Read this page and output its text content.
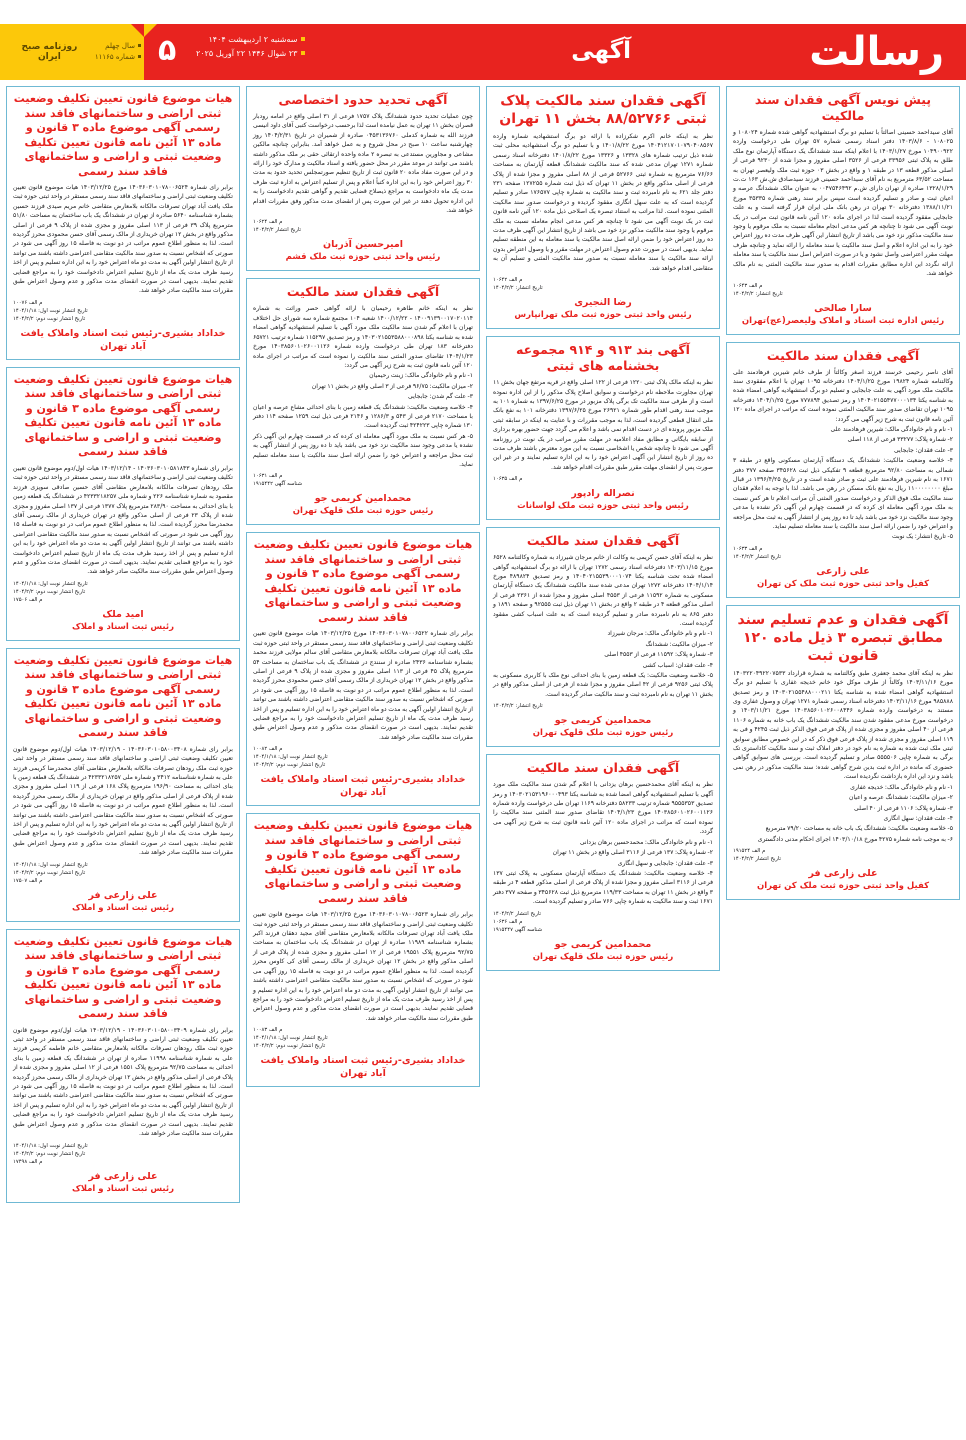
۵	سه‌شنبه ۲ اردیبهشت ۱۴۰۴
۲۳ شوال ۱۴۴۶ ۲۲ آوریل ۲۰۲۵	آگهی	رسالت
سال چهلم
شماره ۱۱۱۶۵
روزنامه صبح ایران
پیش نویس آگهی فقدان سند مالکیت

آقای سیداحمد حسینی اصالتاً با تسلیم دو برگ استشهادیه گواهی شده شماره ۱۰۸۰۲۴ و ۱۰۸۰۲۵ - ۱۴۰۳/۸/۶ دفتر اسناد رسمی شماره ۵۷ تهران طی درخواست وارده ۱۰۴۹۰۰۹۲۲ مورخ ۱۴۰۳/۱/۲۷ با اعلام اینکه سند ششدانگ یک دستگاه آپارتمان نوع ملک طلق به پلاک ثبتی ۳۳۹۵۶ فرعی از ۳۵۲۶ اصلی مفروز و مجزا شده از ۹۲۳۰ فرعی از اصلی مذکور قطعه ۱۳ در طبقه ۱ و واقع در بخش ۰۳ حوزه ثبت ملک ولیعصر تهران به مساحت ۶۳/۵۲ مترمربع به نام آقای سیداحمد حسینی فرزند سیدصادق ش.ش ۱۶۳ ت.ت ۱۳۲۸/۱/۲۹ صادره از تهران دارای ش.م ۰۰۴۷۵۴۶۴۹۲ به عنوان مالک ششدانگ عرصه و اعیان ثبت و صادر و تسلیم گردیده است سپس برابر سند رهنی شماره ۳۵۳۳۵ مورخ ۱۳۸۸/۱۱/۲۱ دفترخانه ۳۰ تهران در رهن بانک ملی ایران قرار گرفته است و به علت جابجایی مفقود گردیده است لذا در اجرای ماده ۱۲۰ آئین نامه قانون ثبت مراتب در یک نوبت آگهی می شود تا چنانچه هر کس مدعی انجام معامله نسبت به ملک مرقوم یا وجود سند مالکیت مذکور نزد خود می باشد از تاریخ انتشار این آگهی ظرف مدت ده روز اعتراض خود را به این اداره اعلام و اصل سند مالکیت یا سند معامله را ارائه نماید و چنانچه ظرف مهلت مقرر اعتراضی واصل نشود و یا در صورت اعتراض اصل سند مالکیت یا سند معامله ارائه نگردد این اداره مطابق مقررات اقدام به صدور سند مالکیت المثنی به نام مالک خواهد شد.

م الف ۱۰۶۴۳
تاریخ انتشار: ۱۴۰۴/۲/۲
سارا صالحی
رئیس اداره ثبت اسناد و املاک ولیعصر(عج)تهران
آگهی فقدان سند مالکیت

آقای ناصر رحیمی خرسند فرزند اصغر وکالتاً از طرف خانم شیرین فرهادمند علی وکالتنامه شماره ۱۹۸۲۴ مورخ ۱۴۰۴/۱/۲۵ دفترخانه ۱۰۹۵ تهران با اعلام مفقودی سند مالکیت ملک مورد آگهی به علت جابجایی و تسلیم دو برگ استشهادیه گواهی امضاء شده به شناسه یکتا ۱۴۰۴۰۲۱۵۵۴۷۷۰۰۰۱۳۴ و رمز تصدیق ۷۷۷۸۹۴ مورخ ۱۴۰۴/۱/۲۵ دفترخانه ۱۰۹۵ تهران تقاضای صدور سند مالکیت المثنی نموده است که مراتب در اجرای ماده ۱۲۰ آئین نامه قانون ثبت به شرح زیر آگهی می گردد:

۱- نام و نام خانوادگی مالک: شیرین فرهادمند علی

۲- شماره پلاک: ۳۳۲۷۷ فرعی از ۱۱۸ اصلی

۳- علت فقدان: جابجایی

۴- خلاصه وضعیت مالکیت: ششدانگ یک دستگاه آپارتمان مسکونی واقع در طبقه ۳ شمالی به مساحت ۹۲/۸۰ مترمربع قطعه ۹ تفکیکی ذیل ثبت ۳۴۵۶۲۸ صفحه ۳۷۷ دفتر ۱۶۷۱ به نام شیرین فرهادمند علی ثبت و صادر شده است و در تاریخ ۱۳۹۶/۴/۲۵ در قبال مبلغ ۱۱۰۰۰۰۰۰۰۰ ریال به نفع بانک مسکن در رهن می باشد. لذا با توجه به اعلام فقدان سند مالکیت ملک فوق الذکر و درخواست صدور المثنی آن مراتب اعلام تا هر کس نسبت به ملک مورد آگهی معامله ای کرده که در قسمت چهارم این آگهی ذکر نشده یا مدعی وجود سند مالکیت نزد خود می باشد باید تا ده روز پس از انتشار آگهی به ثبت محل مراجعه و اعتراض خود را ضمن ارائه اصل سند مالکیت یا سند معامله تسلیم نماید.

۵- تاریخ انتشار: یک نوبت

م الف ۱۰۶۳۳
تاریخ انتشار ۱۴۰۴/۲/۲
علی زارعی
کفیل واحد ثبتی حوزه ثبت ملک کن تهران
آگهی فقدان و عدم تسلیم سند مطابق تبصره ۳ ذیل ماده ۱۲۰ قانون ثبت

نظر به اینکه آقای محمد جعفری طبق وکالتنامه به شماره قرارداد ۱۴۰۳۲۲۰۴۹۲۲۰۷۵۳۳ مورخ ۱۴۰۳/۱۱/۱۶ وکالتاً از طرف موکل خود خانم خدیجه غفاری با تسلیم دو برگ استشهادیه گواهی امضاء شده به شناسه یکتا ۱۴۰۳۰۲۱۵۵۴۸۸۰۰۰۲۱۱ و رمز تصدیق ۹۸۵۸۸۸ مورخ ۱۴۰۳/۱۱/۱۶ دفترخانه اسناد رسمی شماره ۱۲۷۱ تهران و وصول غفاری وی مستند به درخواست وارده شماره ۱۴۰۳۸۵۶۰۱۰۲۶۰۰۸۴۴۶ مورخ ۱۴۰۳/۱۱/۲۱ و درخواست مورخ مدعی مفقود شدن سند مالکیت ششدانگ یک باب خانه به شماره ۱۱۰۶ فرعی از ۴۰ اصلی مفروز و مجزی شده از پلاک فرعی فوق الذکر ذیل ثبت ۴۲۴۵ و فی به ۱۱۹ اصلی مفروز و مجزی شده از پلاک فرعی فوق ذکر که در این خصوص مطابق سوابق ثبتی ملک ثبت شده به شماره به نام خود در دفتر املاک ثبت و سند مالکیت کاداستری تک برگی به شماره چاپی ۵۵۵۵۰۶ صادر و تسلیم گردیده است. بررسی های سوابق گواهی حضوری که مانده در اداره ثبت بدین شرح گواهی شده: سند مالکیت مذکور در رهن نمی باشد و نزد این اداره بازداشت نگردیده است.

۱- نام و نام خانوادگی مالک: خدیجه غفاری

۲- میزان مالکیت: ششدانگ عرصه و اعیان

۳- شماره پلاک: ۱۱۰۶ فرعی از ۴۰ اصلی

۴- علت فقدان: سهل انگاری

۵- خلاصه وضعیت مالکیت: ششدانگ یک باب خانه به مساحت ۷۹/۲۰ مترمربع

۶- به موجب نامه شماره ۴۲۷۵ مورخ ۱۴۰۳/۱۰/۱۸ اجرای احکام مدنی دادگستری

م الف ۱۹۱۵۲۴
تاریخ انتشار ۱۴۰۴/۲/۲
علی زارعی فر
کفیل واحد ثبتی حوزه ثبت ملک کن تهران
آگهی فقدان سند مالکیت پلاک ثبتی ۸۸/۵۲۷۶۶ بخش ۱۱ تهران

نظر به اینکه خانم اکرم شکرزاده با ارائه دو برگ استشهادیه شماره وارده ۱۴۰۴۱۲۱۷۰۱۰۷۹۰۴۰۸۵۶۷ مورخ ۱۴۰۱/۸/۲۲ و با تسلیم دو برگ استشهادیه محلی ثبت شده ذیل ترتیب شماره های ۱۳۳۲۸ و ۱۳۳۲۶ مورخ ۱۴۰۱/۸/۲۲ دفترخانه اسناد رسمی شماره ۱۲۷۱ تهران مدعی شده که سند مالکیت ششدانگ قطعه آپارتمان به مساحت ۷۶/۶۶ مترمربع به شماره ثبتی ۵۲۷۶۶ فرعی از ۸۸ اصلی مفروز و مجزا شده از پلاک فرعی از اصلی مذکور واقع در بخش ۱۱ تهران که ذیل ثبت شماره ۱۲۷۲۵۵ صفحه ۲۳۱ دفتر جلد ۶۲۱ به نام نامبرده ثبت و سند مالکیت به شماره چاپی ۱۷۶۵۷۷ صادر و تسلیم گردیده است که به علت سهل انگاری مفقود گردیده و درخواست صدور سند مالکیت المثنی نموده است. لذا مراتب به استناد تبصره یک اصلاحی ذیل ماده ۱۲۰ آئین نامه قانون ثبت در یک نوبت آگهی می شود تا چنانچه هر کس مدعی انجام معامله نسبت به ملک مرقوم یا وجود سند مالکیت مذکور نزد خود می باشد از تاریخ انتشار این آگهی ظرف مدت ده روز اعتراض خود را ضمن ارائه اصل سند مالکیت یا سند معامله به این منطقه تسلیم نماید. بدیهی است در صورت عدم وصول اعتراض در مهلت مقرر و یا وصول اعتراض بدون ارائه سند مالکیت یا سند معامله نسبت به صدور سند مالکیت المثنی و تسلیم آن به متقاضی اقدام خواهد شد.

م الف ۱۰۶۴۲
تاریخ انتشار: ۱۴۰۴/۲/۲
رضا النجیری
رئیس واحد ثبتی حوزه ثبت ملک تهرانپارس
آگهی بند ۹۱۳ و ۹۱۴ مجموعه بخشنامه های ثبتی

نظر به اینکه مالک پلاک ثبتی ۱۲۲۰ فرعی از ۱۲۲ اصلی واقع در قریه مرتفع جهان بخش ۱۱ تهران مجاورت ملاحظه نام درخواست و سوابق اصلاح پلاک مذکور را از این اداره نموده است و از طرفی سند مالکیت تک برگی پلاک مزبور در مورخ ۱۳۹۷/۶/۲۵ به شماره ۱۰۱ به موجب سند رهنی اقدام طور شماره ۲۶۹۲۱ مورخ ۱۳۹۷/۶/۲۵ دفترخانه ۱۰۱ به نفع بانک ملی انتقال قطعی گردیده است، لذا به موجب مقررات و با عنایت به اینکه در سابقه ثبتی ملک مزبور پرونده ای در دست اقدام نمی باشد و اعلام می گردد جهت حضور بهره برداری از سابقه بایگانی و مطابق مفاد اعلامیه در مهلت مقرر مراتب در یک نوبت در روزنامه آگهی می شود تا چنانچه شخص یا اشخاصی نسبت به این مورد معترض باشند ظرف مدت ده روز از تاریخ انتشار این آگهی اعتراض خود را به این اداره تسلیم نمایند و در غیر این صورت پس از انقضای مهلت مقرر طبق مقررات اقدام خواهد شد.

م الف ۱۰۶۳۵
نصراله رادپور
رئیس واحد ثبتی حوزه ثبت ملک لواسانات
آگهی فقدان سند مالکیت

نظر به اینکه آقای حسن کریمی به وکالت از خانم مرجان شیرزاد به شماره وکالتنامه ۶۵۲۸ مورخ ۱۴۰۳/۱۱/۱۵ دفترخانه اسناد رسمی ۱۲۷۲ تهران با ارائه دو برگ استشهادیه گواهی امضاء شده تحت شناسه یکتا ۱۴۰۴۰۲۱۵۵۳۹۰۰۰۱۰۷۴ و رمز تصدیق ۴۸۹۸۲۴ مورخ ۱۴۰۴/۱/۱۴ دفترخانه ۱۲۷۲ تهران مدعی شده سند مالکیت ششدانگ یک دستگاه آپارتمان مسکونی به شماره ۱۱۵۹۲ فرعی از ۴۵۵۳ اصلی مفروز و مجزا شده از ۲۳۶۱ فرعی از اصلی مذکور قطعه ۴ در طبقه ۲ واقع در بخش ۱۱ تهران ذیل ثبت ۹۲۵۵۵ و صفحه ۱۸۹۱ و دفتر ۸۶۵ به نام نامبرده صادر و تسلیم گردیده است که به علت اسباب کشی مفقود گردیده است.

۱- نام و نام خانوادگی مالک: مرجان شیرزاد

۲- میزان مالکیت: ششدانگ

۳- شماره پلاک: ۱۱۵۹۲ فرعی از ۴۵۵۳ اصلی

۴- علت فقدان: اسباب کشی

۵- خلاصه وضعیت مالکیت: یک قطعه زمین با بنای احداثی نوع ملک با کاربری مسکونی به پلاک ثبتی ۹۲۵۶ فرعی از ۴۲ اصلی مفروز و مجزا شده از فرعی از اصلی مذکور واقع در بخش ۱۱ تهران به نام نامبرده ثبت و سند مالکیت صادر گردیده است.

تاریخ انتشار: ۱۴۰۴/۲/۲
محمدامین کریمی جو
رئیس حوزه ثبت ملک قلهک تهران
آگهی فقدان سند مالکیت

نظر به اینکه آقای محمدحسین برهان یزدانی با اعلام گم شدن سند مالکیت ملک مورد آگهی با تسلیم استشهادیه گواهی امضا شده به شناسه یکتا ۱۴۰۳۰۲۱۵۳۱۹۶۰۰۰۴۹۳ و رمز تصدیق ۹۵۵۵۳۵۳ شماره ترتیب ۵۸۲۳۳ دفترخانه ۱۱۶۹ تهران طی درخواست وارده شماره ۱۴۰۳۸۵۶۰۱۰۲۶۰۰۱۱۲۶ مورخ ۱۴۰۴/۱/۲۳ تقاضای صدور سند المثنی سند مالکیت را نموده است که مراتب در اجرای ماده ۱۲۰ آئین نامه قانون ثبت به شرح زیر آگهی می گردد.

۱- نام و نام خانوادگی مالک: محمدحسین برهان یزدانی

۲- شماره پلاک: ۱۳۷ فرعی از ۳۱۱۶ اصلی واقع در بخش ۱۱ تهران

۳- علت فقدان: جابجایی و سهل انگاری

۴- خلاصه وضعیت مالکیت: ششدانگ یک دستگاه آپارتمان مسکونی به پلاک ثبتی ۱۳۷ فرعی از ۳۱۱۶ اصلی مفروز و مجزا شده از پلاک فرعی از اصلی مذکور قطعه ۴ در طبقه ۳ واقع در بخش ۱۱ تهران به مساحت ۱۱۹/۳۳ مترمربع ذیل ثبت ۳۴۵۶۲۸ و صفحه ۳۷۷ دفتر ۱۶۷۱ ثبت و سند مالکیت به شماره چاپی ۷۶۶ صادر و تسلیم گردیده است.

تاریخ انتشار ۱۴۰۴/۲/۲
م الف ۱۰۶۳۶
شناسه آگهی ۱۹۱۵۴۴۷
محمدامین کریمی جو
رئیس حوزه ثبت ملک قلهک تهران
آگهی تحدید حدود اختصاصی

چون عملیات تحدید حدود ششدانگ پلاک ۱۷۵۷ فرعی از ۳۱ اصلی واقع در امامه رودبار قصران بخش ۱۱ تهران به عمل نیامده است لذا برحسب درخواست کتبی آقای داود انیسی فرزند الله به شماره کدملی ۰۴۵۳۱۳۶۷۶۰ صادره از شمیران در تاریخ ۱۴۰۴/۲/۳۱ روز چهارشنبه ساعت ۱۰ صبح در محل شروع و به عمل خواهد آمد. بنابراین چنانچه مالکین مشاعی و مجاورین مستدعی به تبصره ۲ ماده واحده ارتقائی حقی بر ملک مذکور داشته باشند می توانند در موعد مقرر در محل حضور یافته و اسناد مالکیت و مدارک خود را ارائه و در این صورت مفاد ماده ۲۰ قانون ثبت از تاریخ تنظیم صورتمجلس تحدید حدود به مدت ۳۰ روز اعتراض خود را به این اداره کتباً اعلام و پس از تسلیم اعتراض به اداره ثبت ظرف مدت یک ماه دادخواست به مراجع ذیصلاح قضایی تقدیم و گواهی تقدیم دادخواست را به این اداره تحویل دهند در غیر این صورت پس از انقضای مدت مذکور وفق مقررات اقدام خواهد شد.

م الف ۱۰۶۲۴
تاریخ انتشار ۱۴۰۴/۲/۲
امیرحسین آذربان
رئیس واحد ثبتی حوزه ثبت ملک قشم
آگهی فقدان سند مالکیت

نظر به اینکه خانم طاهره رحیمیان با ارائه گواهی حصر وراثت به شماره ۱۴۰۰۹۱۳۹۰۰۱۷۰۲۰۱۱۴ - ۱۴۰۰/۱۲/۲۲ شعبه ۱۰۴ مجتمع شماره سه شورای حل اختلاف تهران با اعلام گم شدن سند مالکیت ملک مورد آگهی با تسلیم استشهادیه گواهی امضاء شده به شناسه یکتا ۱۴۰۳۰۲۱۵۵۳۵۸۸۰۰۰۸۹۸ و رمز تصدیق ۱۱۵۲۹۷ شماره ترتیب ۶۵۷۲۱ دفترخانه ۱۸۳ تهران طی درخواست وارده شماره ۱۴۰۳۸۵۶۰۱۰۲۶۰۰۱۱۲۶ مورخ ۱۴۰۴/۱/۲۳ تقاضای صدور المثنی سند مالکیت را نموده است که مراتب در اجرای ماده ۱۲۰ آئین نامه قانون ثبت به شرح زیر آگهی می گردد:

۱- نام و نام خانوادگی مالک: زینت رحیمیان

۲- میزان مالکیت: ۹۶/۷۵ فرعی از ۳ اصلی واقع در بخش ۱۱ تهران

۳- علت گم شدن: جابجایی

۴- خلاصه وضعیت مالکیت: ششدانگ یک قطعه زمین با بنای احداثی مشاع عرصه و اعیان با مساحت ۲۱۷۰ فرعی از ۵۴۳ و ۱۲۸۶/۳ و ۲۱۴۶ فرعی ذیل ثبت ۱۲۵۹ صفحه ۱۱۴ دفتر ۱۳۰ شماره چاپی ۴۲۴۲۲۳ ثبت گردیده است.

۵- هر کس نسبت به ملک مورد آگهی معامله ای کرده که در قسمت چهارم این آگهی ذکر نشده یا مدعی وجود سند مالکیت نزد خود می باشد باید تا ده روز پس از انتشار آگهی به ثبت محل مراجعه و اعتراض خود را ضمن ارائه اصل سند مالکیت یا سند معامله تسلیم نماید.

م الف ۱۰۶۳۱
شناسه آگهی ۱۹۱۵۴۴۲
محمدامین کریمی جو
رئیس حوزه ثبت ملک قلهک تهران
هیات موضوع قانون تعیین تکلیف وضعیت ثبتی اراضی و ساختمانهای فاقد سند رسمی آگهی موضوع ماده ۳ قانون و ماده ۱۳ آئین نامه قانون تعیین تکلیف وضعیت ثبتی و اراضی و ساختمانهای فاقد سند رسمی

برابر رای شماره ۱۴۰۳۶۰۳۰۱۰۷۸۰۰۶۵۲۲ مورخ ۱۴۰۳/۱۲/۲۵ هیات موضوع قانون تعیین تکلیف وضعیت ثبتی اراضی و ساختمانهای فاقد سند رسمی مستقر در واحد ثبتی حوزه ثبت ملک یافت آباد تهران تصرفات مالکانه بلامعارض متقاضی آقای سالم مولایی فرزند محمد بشماره شناسنامه ۲۴۳۶ صادره از سنندج در ششدانگ یک باب ساختمان به مساحت ۵۴ مترمربع پلاک ۴۵ فرعی از ۱۱۳ اصلی مفروز و مجزی شده از پلاک ۹ فرعی از اصلی مذکور واقع در بخش ۱۲ تهران خریداری از مالک رسمی آقای حسن محمودی محرز گردیده است. لذا به منظور اطلاع عموم مراتب در دو نوبت به فاصله ۱۵ روز آگهی می شود در صورتی که اشخاص نسبت به صدور سند مالکیت متقاضی اعتراضی داشته باشند می توانند از تاریخ انتشار اولین آگهی به مدت دو ماه اعتراض خود را به این اداره تسلیم و پس از اخذ رسید ظرف مدت یک ماه از تاریخ تسلیم اعتراض دادخواست خود را به مراجع قضایی تقدیم نمایند. بدیهی است در صورت انقضای مدت مذکور و عدم وصول اعتراض طبق مقررات سند مالکیت صادر خواهد شد.

م الف ۱۰۰۸۲
تاریخ انتشار نوبت اول: ۱۴۰۴/۱/۱۸
تاریخ انتشار نوبت دوم: ۱۴۰۴/۲/۲
خداداد بشیری-رئیس ثبت اسناد واملاک یافت آباد تهران
هیات موضوع قانون تعیین تکلیف وضعیت ثبتی اراضی و ساختمانهای فاقد سند رسمی آگهی موضوع ماده ۳ قانون و ماده ۱۳ آئین نامه قانون تعیین تکلیف وضعیت ثبتی و اراضی و ساختمانهای فاقد سند رسمی

برابر رای شماره ۱۴۰۳۶۰۳۰۱۰۷۸۰۰۶۵۲۳ مورخ ۱۴۰۳/۱۲/۲۵ هیات موضوع قانون تعیین تکلیف وضعیت ثبتی اراضی و ساختمانهای فاقد سند رسمی مستقر در واحد ثبتی حوزه ثبت ملک یافت آباد تهران تصرفات مالکانه بلامعارض متقاضی آقای مجید دهقان فرزند اکبر بشماره شناسنامه ۱۱۹۸۹ صادره از تهران در ششدانگ یک باب ساختمان به مساحت ۹۲/۷۵ مترمربع پلاک ۱۹۵۵۱ فرعی از ۱۲ اصلی مفروز و مجزی شده از پلاک فرعی از اصلی مذکور واقع در بخش ۱۲ تهران خریداری از مالک رسمی آقای کی کاوس محرز گردیده است. لذا به منظور اطلاع عموم مراتب در دو نوبت به فاصله ۱۵ روز آگهی می شود در صورتی که اشخاص نسبت به صدور سند مالکیت متقاضی اعتراضی داشته باشند می توانند از تاریخ انتشار اولین آگهی به مدت دو ماه اعتراض خود را به این اداره تسلیم و پس از اخذ رسید ظرف مدت یک ماه از تاریخ تسلیم اعتراض دادخواست خود را به مراجع قضایی تقدیم نمایند. بدیهی است در صورت انقضای مدت مذکور و عدم وصول اعتراض طبق مقررات سند مالکیت صادر خواهد شد.

م الف ۱۰۰۸۳
تاریخ انتشار نوبت اول: ۱۴۰۴/۱/۱۸
تاریخ انتشار نوبت دوم: ۱۴۰۴/۲/۲
خداداد بشیری-رئیس ثبت اسناد واملاک یافت آباد تهران
هیات موضوع قانون تعیین تکلیف وضعیت ثبتی اراضی و ساختمانهای فاقد سند رسمی آگهی موضوع ماده ۳ قانون و ماده ۱۳ آئین نامه قانون تعیین تکلیف وضعیت ثبتی و اراضی و ساختمانهای فاقد سند رسمی

برابر رای شماره ۱۴۰۳۶۰۳۰۱۰۷۸۰۰۶۵۲۴ مورخ ۱۴۰۳/۱۲/۲۵ هیات موضوع قانون تعیین تکلیف وضعیت ثبتی اراضی و ساختمانهای فاقد سند رسمی مستقر در واحد ثبتی حوزه ثبت ملک یافت آباد تهران تصرفات مالکانه بلامعارض متقاضی خانم مریم صیدی فرزند حسین بشماره شناسنامه ۵۶۴۰ صادره از تهران در ششدانگ یک باب ساختمان به مساحت ۵۱/۸۰ مترمربع پلاک ۳۹ فرعی از ۱۱۳ اصلی مفروز و مجزی شده از پلاک ۹ فرعی از اصلی مذکور واقع در بخش ۱۲ تهران خریداری از مالک رسمی آقای حسن محمودی محرز گردیده است. لذا به منظور اطلاع عموم مراتب در دو نوبت به فاصله ۱۵ روز آگهی می شود در صورتی که اشخاص نسبت به صدور سند مالکیت متقاضی اعتراضی داشته باشند می توانند از تاریخ انتشار اولین آگهی به مدت دو ماه اعتراض خود را به این اداره تسلیم و پس از اخذ رسید ظرف مدت یک ماه از تاریخ تسلیم اعتراض دادخواست خود را به مراجع قضایی تقدیم نمایند. بدیهی است در صورت انقضای مدت مذکور و عدم وصول اعتراض طبق مقررات سند مالکیت صادر خواهد شد.

م الف ۱۰۰۷۶
تاریخ انتشار نوبت اول: ۱۴۰۴/۱/۱۸
تاریخ انتشار نوبت دوم: ۱۴۰۴/۲/۲
خداداد بشیری-رئیس ثبت اسناد واملاک یافت آباد تهران
هیات موضوع قانون تعیین تکلیف وضعیت ثبتی اراضی و ساختمانهای فاقد سند رسمی آگهی موضوع ماده ۳ قانون و ماده ۱۳ آئین نامه قانون تعیین تکلیف وضعیت ثبتی و اراضی و ساختمانهای فاقد سند رسمی

برابر رای شماره ۱۴۰۳۶۰۳۰۱۰۵۸۱۸۴۳ - ۱۴۰۳/۱۲/۱۴ هیات اول/دوم موضوع قانون تعیین تکلیف وضعیت ثبتی اراضی و ساختمانهای فاقد سند رسمی مستقر در واحد ثبتی حوزه ثبت ملک رودهان تصرفات مالکانه بلامعارض متقاضی آقای حسین صادقی سویزی فرزند مقصود به شماره شناسنامه ۲۲۶ و شماره ملی ۴۲۳۳۲۱۸۲۵۷ در ششدانگ یک قطعه زمین با بنای احداثی به مساحت ۲۸۳/۹۰ مترمربع پلاک ۱۳۷۷ فرعی از ۱۳۷ اصلی مفروز و مجزی شده از پلاک ۲۳ فرعی از اصلی مذکور واقع در تهران خریداری از مالک رسمی آقای محمدرضا محرز گردیده است. لذا به منظور اطلاع عموم مراتب در دو نوبت به فاصله ۱۵ روز آگهی می شود در صورتی که اشخاص نسبت به صدور سند مالکیت متقاضی اعتراضی داشته باشند می توانند از تاریخ انتشار اولین آگهی به مدت دو ماه اعتراض خود را به این اداره تسلیم و پس از اخذ رسید ظرف مدت یک ماه از تاریخ تسلیم اعتراض دادخواست خود را به مراجع قضایی تقدیم نمایند. بدیهی است در صورت انقضای مدت مذکور و عدم وصول اعتراض طبق مقررات سند مالکیت صادر خواهد شد.

تاریخ انتشار نوبت اول: ۱۴۰۴/۱/۱۸
تاریخ انتشار نوبت دوم: ۱۴۰۴/۲/۲
م الف ۱۷۵۰۶
امید ملک
رئیس ثبت اسناد و املاک
هیات موضوع قانون تعیین تکلیف وضعیت ثبتی اراضی و ساختمانهای فاقد سند رسمی آگهی موضوع ماده ۳ قانون و ماده ۱۳ آئین نامه قانون تعیین تکلیف وضعیت ثبتی و اراضی و ساختمانهای فاقد سند رسمی

برابر رای شماره ۱۴۰۳۶۰۳۰۱۰۵۸۰۰۳۴۰۸ - ۱۴۰۳/۱۲/۱۹ هیات اول/دوم موضوع قانون تعیین تکلیف وضعیت ثبتی اراضی و ساختمانهای فاقد سند رسمی مستقر در واحد ثبتی حوزه ثبت ملک رودهان تصرفات مالکانه بلامعارض متقاضی آقای محمدرضا کریمی فرزند علی به شماره شناسنامه ۳۴۱۲ و شماره ملی ۴۲۳۳۲۱۸۲۵۷ در ششدانگ یک قطعه زمین با بنای احداثی به مساحت ۱۹۶/۹۰ مترمربع پلاک ۱۶۸ فرعی از ۱۱۹ اصلی مفروز و مجزی شده از پلاک فرعی از اصلی مذکور واقع در تهران خریداری از مالک رسمی محرز گردیده است. لذا به منظور اطلاع عموم مراتب در دو نوبت به فاصله ۱۵ روز آگهی می شود در صورتی که اشخاص نسبت به صدور سند مالکیت متقاضی اعتراضی داشته باشند می توانند از تاریخ انتشار اولین آگهی به مدت دو ماه اعتراض خود را به این اداره تسلیم و پس از اخذ رسید ظرف مدت یک ماه از تاریخ تسلیم اعتراض دادخواست خود را به مراجع قضایی تقدیم نمایند. بدیهی است در صورت انقضای مدت مذکور و عدم وصول اعتراض طبق مقررات سند مالکیت صادر خواهد شد.

تاریخ انتشار نوبت اول: ۱۴۰۴/۱/۱۸
تاریخ انتشار نوبت دوم: ۱۴۰۴/۲/۲
م الف ۱۷۵۰۷
علی زارعی فر
رئیس ثبت اسناد و املاک
هیات موضوع قانون تعیین تکلیف وضعیت ثبتی اراضی و ساختمانهای فاقد سند رسمی آگهی موضوع ماده ۳ قانون و ماده ۱۳ آئین نامه قانون تعیین تکلیف وضعیت ثبتی و اراضی و ساختمانهای فاقد سند رسمی

برابر رای شماره ۱۴۰۳۶۰۳۰۱۰۵۸۰۰۳۴۰۹ - ۱۴۰۳/۱۲/۱۹ هیات اول/دوم موضوع قانون تعیین تکلیف وضعیت ثبتی اراضی و ساختمانهای فاقد سند رسمی مستقر در واحد ثبتی حوزه ثبت ملک رودهان تصرفات مالکانه بلامعارض متقاضی خانم فاطمه کریمی فرزند علی به شماره شناسنامه ۱۱۹۹۸ صادره از تهران در ششدانگ یک قطعه زمین با بنای احداثی به مساحت ۹۲/۷۵ مترمربع پلاک ۱۵۵۱ فرعی از ۱۲ اصلی مفروز و مجزی شده از پلاک فرعی از اصلی مذکور واقع در بخش ۱۲ تهران خریداری از مالک رسمی محرز گردیده است. لذا به منظور اطلاع عموم مراتب در دو نوبت به فاصله ۱۵ روز آگهی می شود در صورتی که اشخاص نسبت به صدور سند مالکیت متقاضی اعتراضی داشته باشند می توانند از تاریخ انتشار اولین آگهی به مدت دو ماه اعتراض خود را به این اداره تسلیم و پس از اخذ رسید ظرف مدت یک ماه از تاریخ تسلیم اعتراض دادخواست خود را به مراجع قضایی تقدیم نمایند. بدیهی است در صورت انقضای مدت مذکور و عدم وصول اعتراض طبق مقررات سند مالکیت صادر خواهد شد.

تاریخ انتشار نوبت اول: ۱۴۰۴/۱/۱۸
تاریخ انتشار نوبت دوم: ۱۴۰۴/۲/۲
م الف ۱۷۴۹۸
علی زارعی فر
رئیس ثبت اسناد و املاک
